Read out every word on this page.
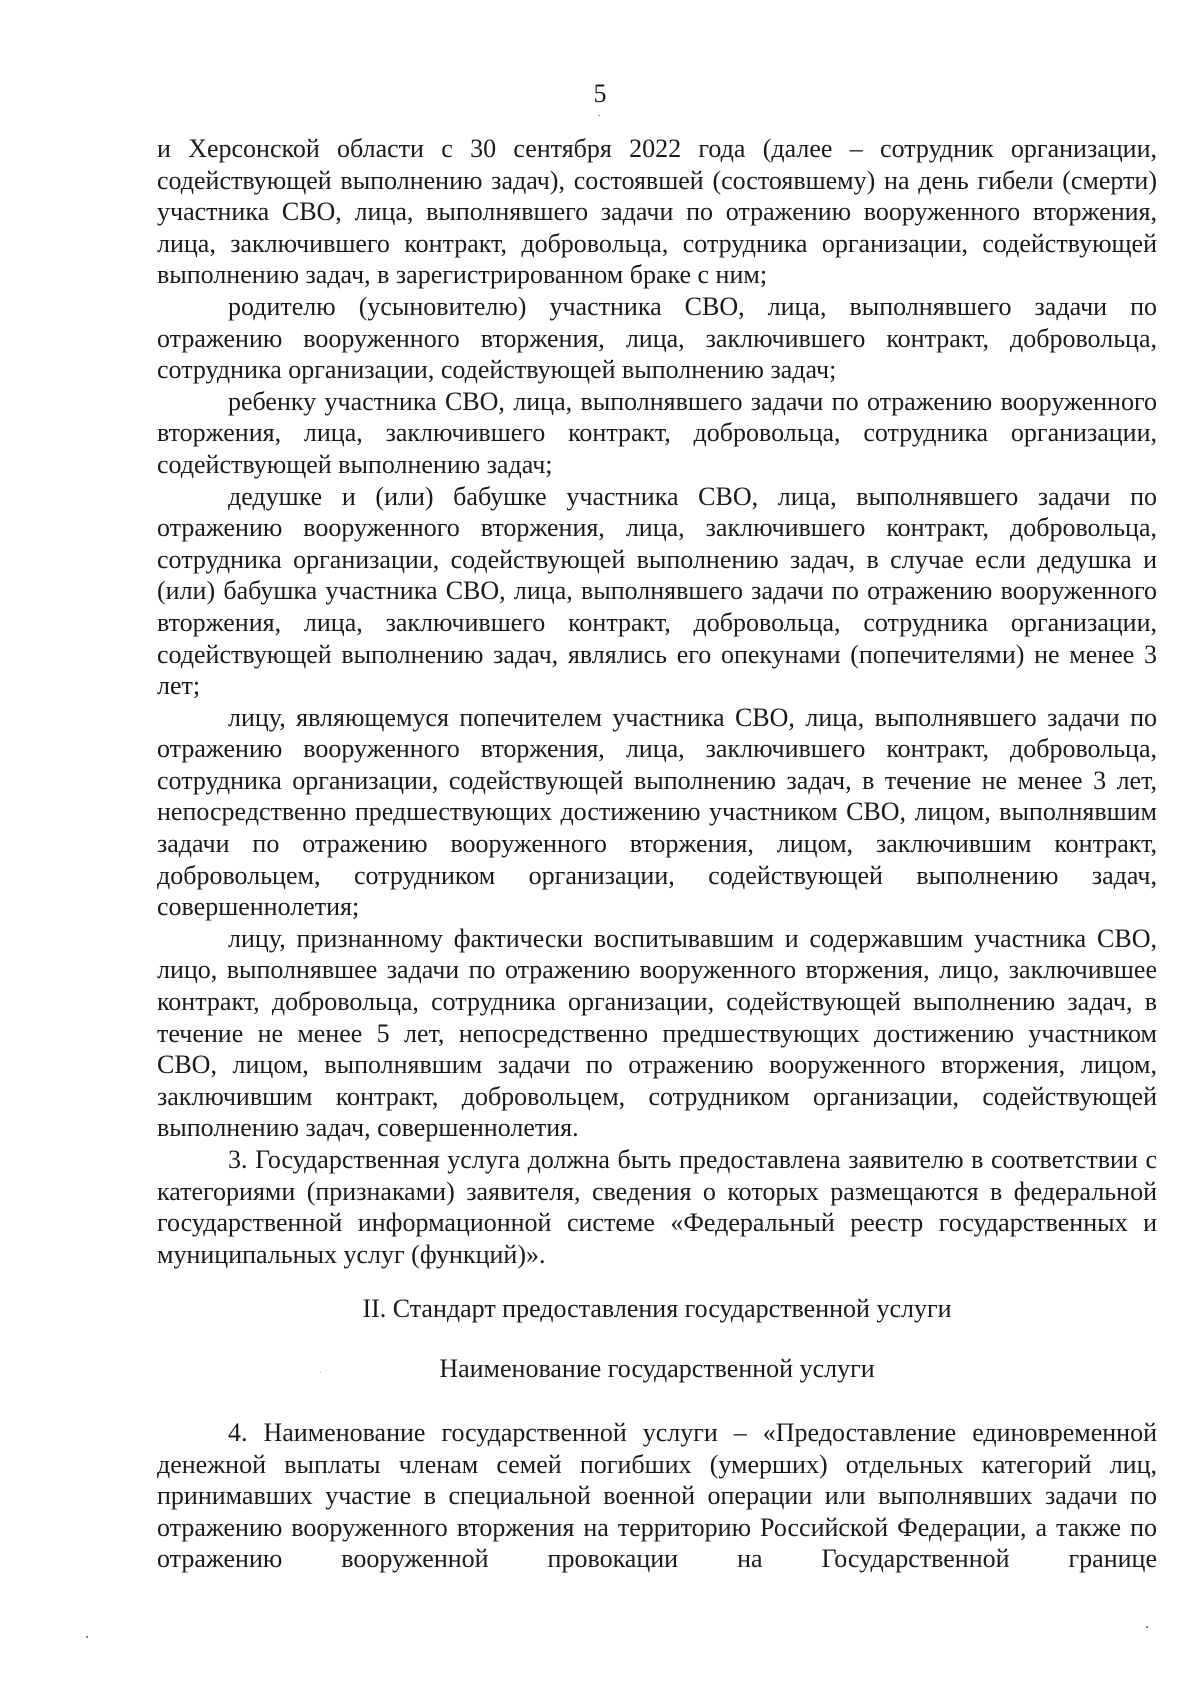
5

и Херсонской области с 30 сентября 2022 года (далее – сотрудник организации, содействующей выполнению задач), состоявшей (состоявшему) на день гибели (смерти) участника СВО, лица, выполнявшего задачи по отражению вооруженного вторжения, лица, заключившего контракт, добровольца, сотрудника организации, содействующей выполнению задач, в зарегистрированном браке с ним;

родителю (усыновителю) участника СВО, лица, выполнявшего задачи по отражению вооруженного вторжения, лица, заключившего контракт, добровольца, сотрудника организации, содействующей выполнению задач;

ребенку участника СВО, лица, выполнявшего задачи по отражению вооруженного вторжения, лица, заключившего контракт, добровольца, сотрудника организации, содействующей выполнению задач;

дедушке и (или) бабушке участника СВО, лица, выполнявшего задачи по отражению вооруженного вторжения, лица, заключившего контракт, добровольца, сотрудника организации, содействующей выполнению задач, в случае если дедушка и (или) бабушка участника СВО, лица, выполнявшего задачи по отражению вооруженного вторжения, лица, заключившего контракт, добровольца, сотрудника организации, содействующей выполнению задач, являлись его опекунами (попечителями) не менее 3 лет;

лицу, являющемуся попечителем участника СВО, лица, выполнявшего задачи по отражению вооруженного вторжения, лица, заключившего контракт, добровольца, сотрудника организации, содействующей выполнению задач, в течение не менее 3 лет, непосредственно предшествующих достижению участником СВО, лицом, выполнявшим задачи по отражению вооруженного вторжения, лицом, заключившим контракт, добровольцем, сотрудником организации, содействующей выполнению задач, совершеннолетия;

лицу, признанному фактически воспитывавшим и содержавшим участника СВО, лицо, выполнявшее задачи по отражению вооруженного вторжения, лицо, заключившее контракт, добровольца, сотрудника организации, содействующей выполнению задач, в течение не менее 5 лет, непосредственно предшествующих достижению участником СВО, лицом, выполнявшим задачи по отражению вооруженного вторжения, лицом, заключившим контракт, добровольцем, сотрудником организации, содействующей выполнению задач, совершеннолетия.

3. Государственная услуга должна быть предоставлена заявителю в соответствии с категориями (признаками) заявителя, сведения о которых размещаются в федеральной государственной информационной системе «Федеральный реестр государственных и муниципальных услуг (функций)».

II. Стандарт предоставления государственной услуги
Наименование государственной услуги

4. Наименование государственной услуги – «Предоставление единовременной денежной выплаты членам семей погибших (умерших) отдельных категорий лиц, принимавших участие в специальной военной операции или выполнявших задачи по отражению вооруженного вторжения на территорию Российской Федерации, а также по отражению вооруженной провокации на Государственной границе
